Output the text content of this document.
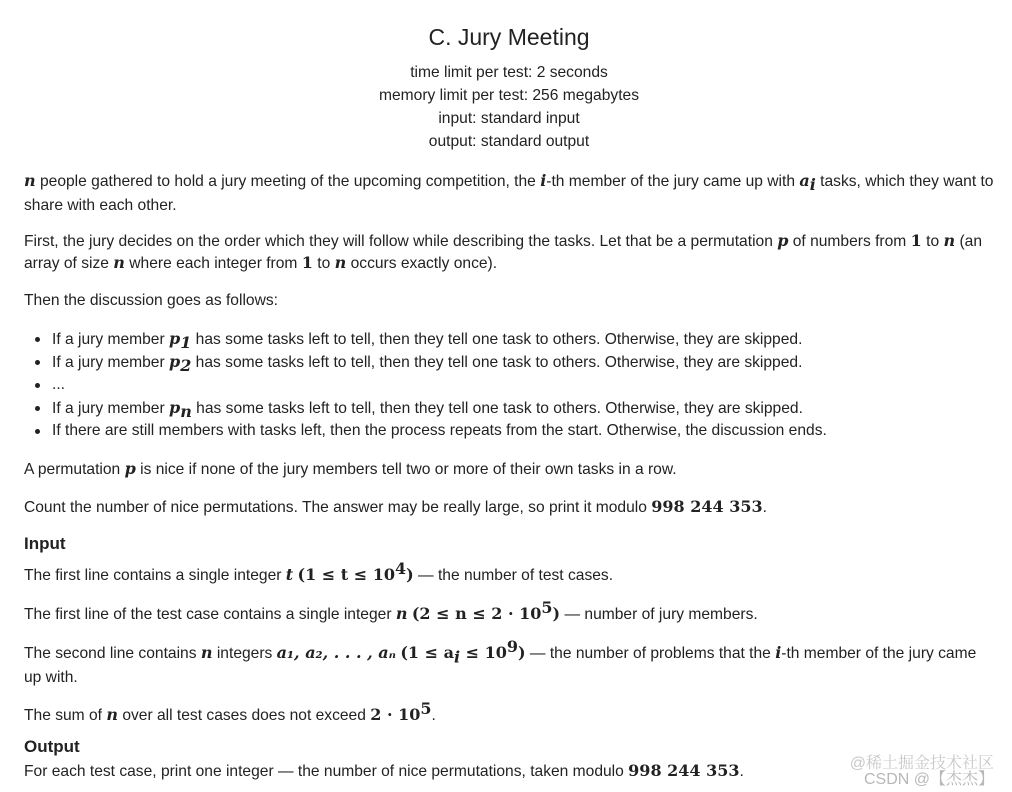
C. Jury Meeting
time limit per test: 2 seconds
memory limit per test: 256 megabytes
input: standard input
output: standard output
n people gathered to hold a jury meeting of the upcoming competition, the i-th member of the jury came up with $a_i$ tasks, which they want to share with each other.
First, the jury decides on the order which they will follow while describing the tasks. Let that be a permutation p of numbers from 1 to n (an array of size n where each integer from 1 to n occurs exactly once).
Then the discussion goes as follows:
If a jury member $p_1$ has some tasks left to tell, then they tell one task to others. Otherwise, they are skipped.
If a jury member $p_2$ has some tasks left to tell, then they tell one task to others. Otherwise, they are skipped.
...
If a jury member $p_n$ has some tasks left to tell, then they tell one task to others. Otherwise, they are skipped.
If there are still members with tasks left, then the process repeats from the start. Otherwise, the discussion ends.
A permutation p is nice if none of the jury members tell two or more of their own tasks in a row.
Count the number of nice permutations. The answer may be really large, so print it modulo 998 244 353.
Input
The first line contains a single integer t $(1 \le t \le 10^4)$ — the number of test cases.
The first line of the test case contains a single integer n $(2 \le n \le 2 \cdot 10^5)$ — number of jury members.
The second line contains n integers a₁, a₂, . . . , aₙ $(1 \le a_i \le 10^9)$ — the number of problems that the i-th member of the jury came up with.
The sum of n over all test cases does not exceed $2 \cdot 10^5$.
Output
For each test case, print one integer — the number of nice permutations, taken modulo 998 244 353.	@稀土掘金技术社区
CSDN @【杰杰】
